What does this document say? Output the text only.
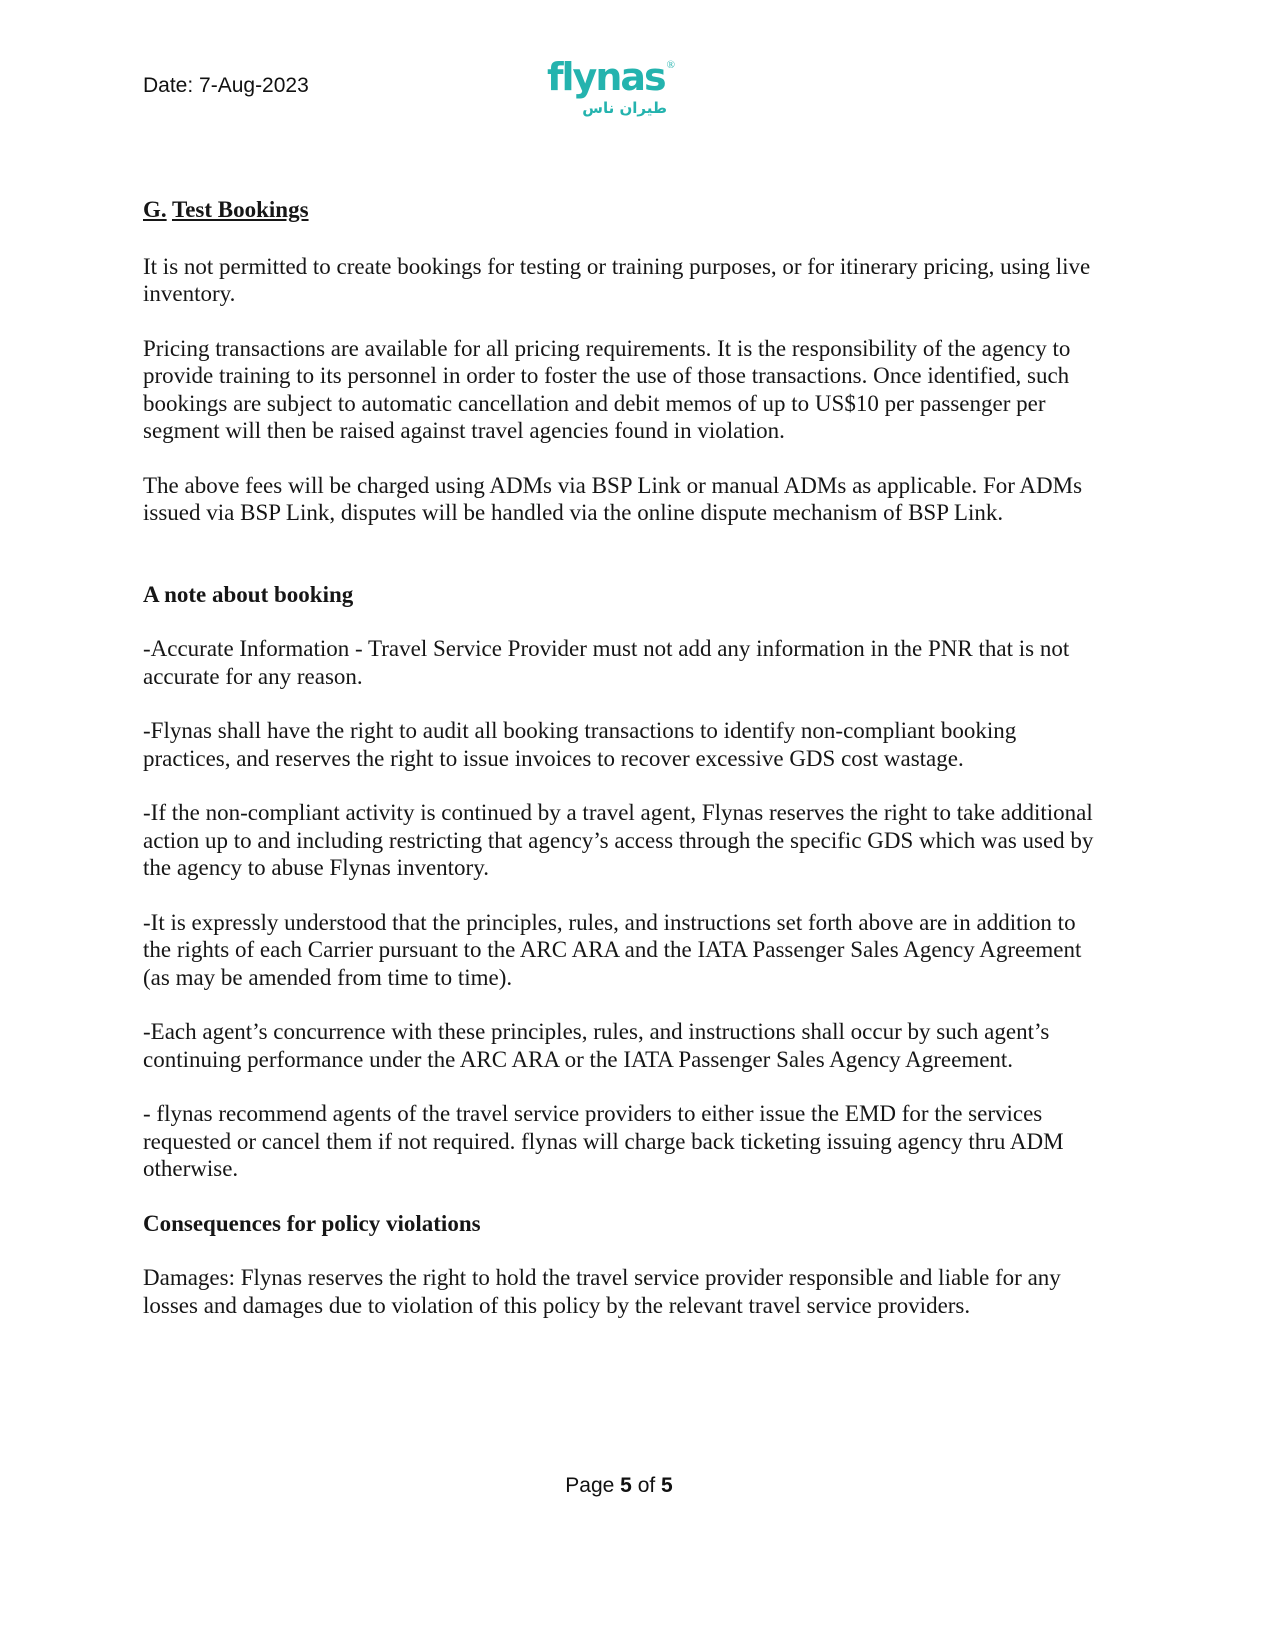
Date: 7-Aug-2023	flynas ®
طيران ناس

G. Test Bookings

It is not permitted to create bookings for testing or training purposes, or for itinerary pricing, using live inventory.

Pricing transactions are available for all pricing requirements. It is the responsibility of the agency to provide training to its personnel in order to foster the use of those transactions. Once identified, such bookings are subject to automatic cancellation and debit memos of up to US$10 per passenger per segment will then be raised against travel agencies found in violation.

The above fees will be charged using ADMs via BSP Link or manual ADMs as applicable. For ADMs issued via BSP Link, disputes will be handled via the online dispute mechanism of BSP Link.

A note about booking

-Accurate Information - Travel Service Provider must not add any information in the PNR that is not accurate for any reason.

-Flynas shall have the right to audit all booking transactions to identify non-compliant booking practices, and reserves the right to issue invoices to recover excessive GDS cost wastage.

-If the non-compliant activity is continued by a travel agent, Flynas reserves the right to take additional action up to and including restricting that agency’s access through the specific GDS which was used by the agency to abuse Flynas inventory.

-It is expressly understood that the principles, rules, and instructions set forth above are in addition to the rights of each Carrier pursuant to the ARC ARA and the IATA Passenger Sales Agency Agreement (as may be amended from time to time).

-Each agent’s concurrence with these principles, rules, and instructions shall occur by such agent’s continuing performance under the ARC ARA or the IATA Passenger Sales Agency Agreement.

- flynas recommend agents of the travel service providers to either issue the EMD for the services requested or cancel them if not required. flynas will charge back ticketing issuing agency thru ADM otherwise.

Consequences for policy violations

Damages: Flynas reserves the right to hold the travel service provider responsible and liable for any losses and damages due to violation of this policy by the relevant travel service providers.

Page 5 of 5
